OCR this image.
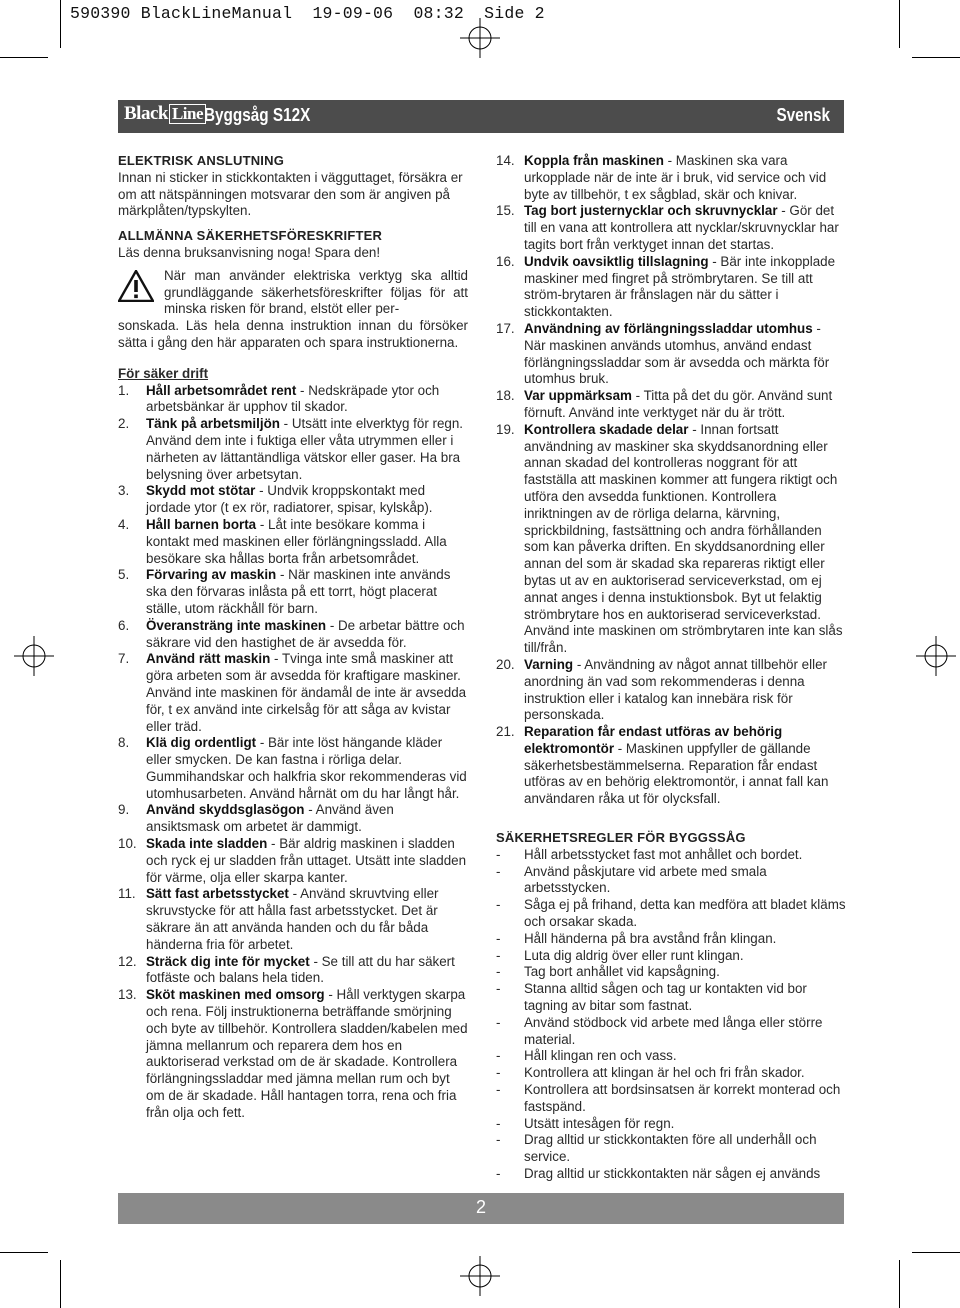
590390 BlackLineManual  19-09-06  08:32  Side 2
Black Line Byggsåg S12X	Svensk
ELEKTRISK ANSLUTNING
Innan ni sticker in stickkontakten i vägguttaget, försäkra er om att nätspänningen motsvarar den som är angiven på märkplåten/typskylten.
ALLMÄNNA SÄKERHETSFÖRESKRIFTER
Läs denna bruksanvisning noga! Spara den!
När man använder elektriska verktyg ska alltid grundläggande säkerhetsföreskrifter följas för att minska risken för brand, elstöt eller per-
sonskada. Läs hela denna instruktion innan du försöker sätta i gång den här apparaten och spara instruktionerna.
För säker drift
1.	Håll arbetsområdet rent - Nedskräpade ytor och arbetsbänkar är upphov til skador.
2.	Tänk på arbetsmiljön - Utsätt inte elverktyg för regn. Använd dem inte i fuktiga eller våta utrymmen eller i närheten av lättantändliga vätskor eller gaser. Ha bra belysning över arbetsytan.
3.	Skydd mot stötar - Undvik kroppskontakt med jordade ytor (t ex rör, radiatorer, spisar, kylskåp).
4.	Håll barnen borta - Låt inte besökare komma i kontakt med maskinen eller förlängningssladd. Alla besökare ska hållas borta från arbetsområdet.
5.	Förvaring av maskin - När maskinen inte används ska den förvaras inlåsta på ett torrt, högt placerat ställe, utom räckhåll för barn.
6.	Överansträng inte maskinen - De arbetar bättre och säkrare vid den hastighet de är avsedda för.
7.	Använd rätt maskin - Tvinga inte små maskiner att göra arbeten som är avsedda för kraftigare maskiner. Använd inte maskinen för ändamål de inte är avsedda för, t ex använd inte cirkelsåg för att såga av kvistar eller träd.
8.	Klä dig ordentligt - Bär inte löst hängande kläder eller smycken. De kan fastna i rörliga delar. Gummihandskar och halkfria skor rekommenderas vid utomhusarbeten. Använd hårnät om du har långt hår.
9.	Använd skyddsglasögon - Använd även ansiktsmask om arbetet är dammigt.
10. Skada inte sladden - Bär aldrig maskinen i sladden och ryck ej ur sladden från uttaget. Utsätt inte sladden för värme, olja eller skarpa kanter.
11. Sätt fast arbetsstycket - Använd skruvtving eller skruvstycke för att hålla fast arbetsstycket. Det är säkrare än att använda handen och du får båda händerna fria för arbetet.
12. Sträck dig inte för mycket - Se till att du har säkert fotfäste och balans hela tiden.
13. Sköt maskinen med omsorg - Håll verktygen skarpa och rena. Följ instruktionerna beträffande smörjning och byte av tillbehör. Kontrollera sladden/kabelen med jämna mellanrum och reparera dem hos en auktoriserad verkstad om de är skadade. Kontrollera förlängningssladdar med jämna mellan rum och byt om de är skadade. Håll hantagen torra, rena och fria från olja och fett.
14. Koppla från maskinen - Maskinen ska vara urkopplade när de inte är i bruk, vid service och vid byte av tillbehör, t ex sågblad, skär och knivar.
15. Tag bort justernycklar och skruvnycklar - Gör det till en vana att kontrollera att nycklar/skruvnycklar har tagits bort från verktyget innan det startas.
16. Undvik oavsiktlig tillslagning - Bär inte inkopplade maskiner med fingret på strömbrytaren. Se till att ström-brytaren är frånslagen när du sätter i stickkontakten.
17. Användning av förlängningssladdar utomhus - När maskinen används utomhus, använd endast förlängningssladdar som är avsedda och märkta för utomhus bruk.
18. Var uppmärksam - Titta på det du gör. Använd sunt förnuft. Använd inte verktyget när du är trött.
19. Kontrollera skadade delar - Innan fortsatt användning av maskiner ska skyddsanordning eller annan skadad del kontrolleras noggrant för att fastställa att maskinen kommer att fungera riktigt och utföra den avsedda funktionen. Kontrollera inriktningen av de rörliga delarna, kärvning, sprickbildning, fastsättning och andra förhållanden som kan påverka driften. En skyddsanordning eller annan del som är skadad ska repareras riktigt eller bytas ut av en auktoriserad serviceverkstad, om ej annat anges i denna instuktionsbok. Byt ut felaktig strömbrytare hos en auktoriserad serviceverkstad. Använd inte maskinen om strömbrytaren inte kan slås till/från.
20. Varning - Användning av något annat tillbehör eller anordning än vad som rekommenderas i denna instruktion eller i katalog kan innebära risk för personskada.
21. Reparation får endast utföras av behörig elektromontör - Maskinen uppfyller de gällande säkerhetsbestämmelserna. Reparation får endast utföras av en behörig elektromontör, i annat fall kan användaren råka ut för olycksfall.
SÄKERHETSREGLER FÖR BYGGSSÅG
-	Håll arbetsstycket fast mot anhållet och bordet.
-	Använd påskjutare vid arbete med smala arbetsstycken.
-	Såga ej på frihand, detta kan medföra att bladet kläms och orsakar skada.
-	Håll händerna på bra avstånd från klingan.
-	Luta dig aldrig över eller runt klingan.
-	Tag bort anhållet vid kapsågning.
-	Stanna alltid sågen och tag ur kontakten vid bor tagning av bitar som fastnat.
-	Använd stödbock vid arbete med långa eller större material.
-	Håll klingan ren och vass.
-	Kontrollera att klingan är hel och fri från skador.
-	Kontrollera att bordsinsatsen är korrekt monterad och fastspänd.
-	Utsätt intesågen för regn.
-	Drag alltid ur stickkontakten före all underhåll och service.
-	Drag alltid ur stickkontakten när sågen ej används
2
